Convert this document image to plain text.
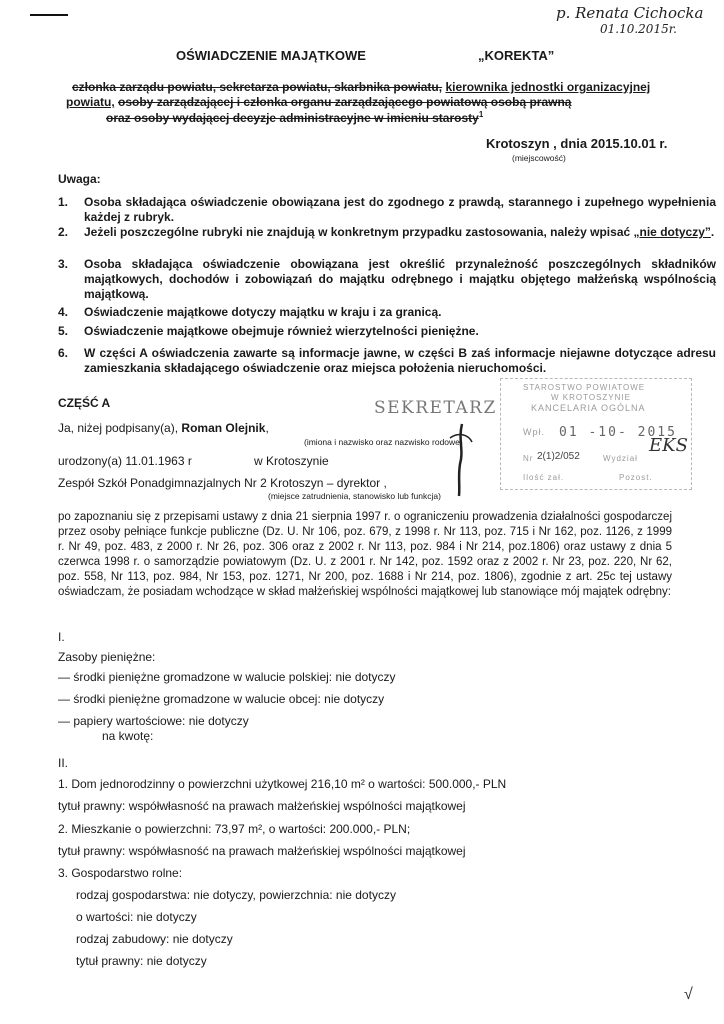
p. Renata Cichocka
01.10.2015r.
OŚWIADCZENIE MAJĄTKOWE	„KOREKTA”
członka zarządu powiatu, sekretarza powiatu, skarbnika powiatu, kierownika jednostki organizacyjnej
powiatu, osoby zarządzającej i członka organu zarządzającego powiatową osobą prawną
oraz osoby wydającej decyzje administracyjne w imieniu starosty$^1$
Krotoszyn , dnia 2015.10.01 r.
(miejscowość)
Uwaga:
1. Osoba składająca oświadczenie obowiązana jest do zgodnego z prawdą, starannego i zupełnego wypełnienia każdej z rubryk.
2. Jeżeli poszczególne rubryki nie znajdują w konkretnym przypadku zastosowania, należy wpisać „nie dotyczy”.
3. Osoba składająca oświadczenie obowiązana jest określić przynależność poszczególnych składników majątkowych, dochodów i zobowiązań do majątku odrębnego i majątku objętego małżeńską wspólnością majątkową.
4. Oświadczenie majątkowe dotyczy majątku w kraju i za granicą.
5. Oświadczenie majątkowe obejmuje również wierzytelności pieniężne.
6. W części A oświadczenia zawarte są informacje jawne, w części B zaś informacje niejawne dotyczące adresu zamieszkania składającego oświadczenie oraz miejsca położenia nieruchomości.
SEKRETARZ
STAROSTWO POWIATOWE
W KROTOSZYNIE
KANCELARIA OGÓLNA
Wpł. 01 -10- 2015
Nr 2(1)2/052	Wydział
Ilość zał.	Pozost.
EKS
CZĘŚĆ A
Ja, niżej podpisany(a), Roman Olejnik,
(imiona i nazwisko oraz nazwisko rodowe)
urodzony(a) 11.01.1963 r	w Krotoszynie
Zespół Szkół Ponadgimnazjalnych Nr 2 Krotoszyn – dyrektor ,
(miejsce zatrudnienia, stanowisko lub funkcja)
po zapoznaniu się z przepisami ustawy z dnia 21 sierpnia 1997 r. o ograniczeniu prowadzenia działalności gospodarczej przez osoby pełniące funkcje publiczne (Dz. U. Nr 106, poz. 679, z 1998 r. Nr 113, poz. 715 i Nr 162, poz. 1126, z 1999 r. Nr 49, poz. 483, z 2000 r. Nr 26, poz. 306 oraz z 2002 r. Nr 113, poz. 984 i Nr 214, poz.1806) oraz ustawy z dnia 5 czerwca 1998 r. o samorządzie powiatowym (Dz. U. z 2001 r. Nr 142, poz. 1592 oraz z 2002 r. Nr 23, poz. 220, Nr 62, poz. 558, Nr 113, poz. 984, Nr 153, poz. 1271, Nr 200, poz. 1688 i Nr 214, poz. 1806), zgodnie z art. 25c tej ustawy oświadczam, że posiadam wchodzące w skład małżeńskiej wspólności majątkowej lub stanowiące mój majątek odrębny:
I.
Zasoby pieniężne:
— środki pieniężne gromadzone w walucie polskiej: nie dotyczy
— środki pieniężne gromadzone w walucie obcej: nie dotyczy
— papiery wartościowe: nie dotyczy
na kwotę:
II.
1. Dom jednorodzinny o powierzchni użytkowej 216,10 m² o wartości: 500.000,- PLN
tytuł prawny: współwłasność na prawach małżeńskiej wspólności majątkowej
2. Mieszkanie o powierzchni: 73,97 m², o wartości: 200.000,- PLN;
tytuł prawny: współwłasność na prawach małżeńskiej wspólności majątkowej
3. Gospodarstwo rolne:
rodzaj gospodarstwa: nie dotyczy, powierzchnia: nie dotyczy
o wartości: nie dotyczy
rodzaj zabudowy: nie dotyczy
tytuł prawny: nie dotyczy
√
